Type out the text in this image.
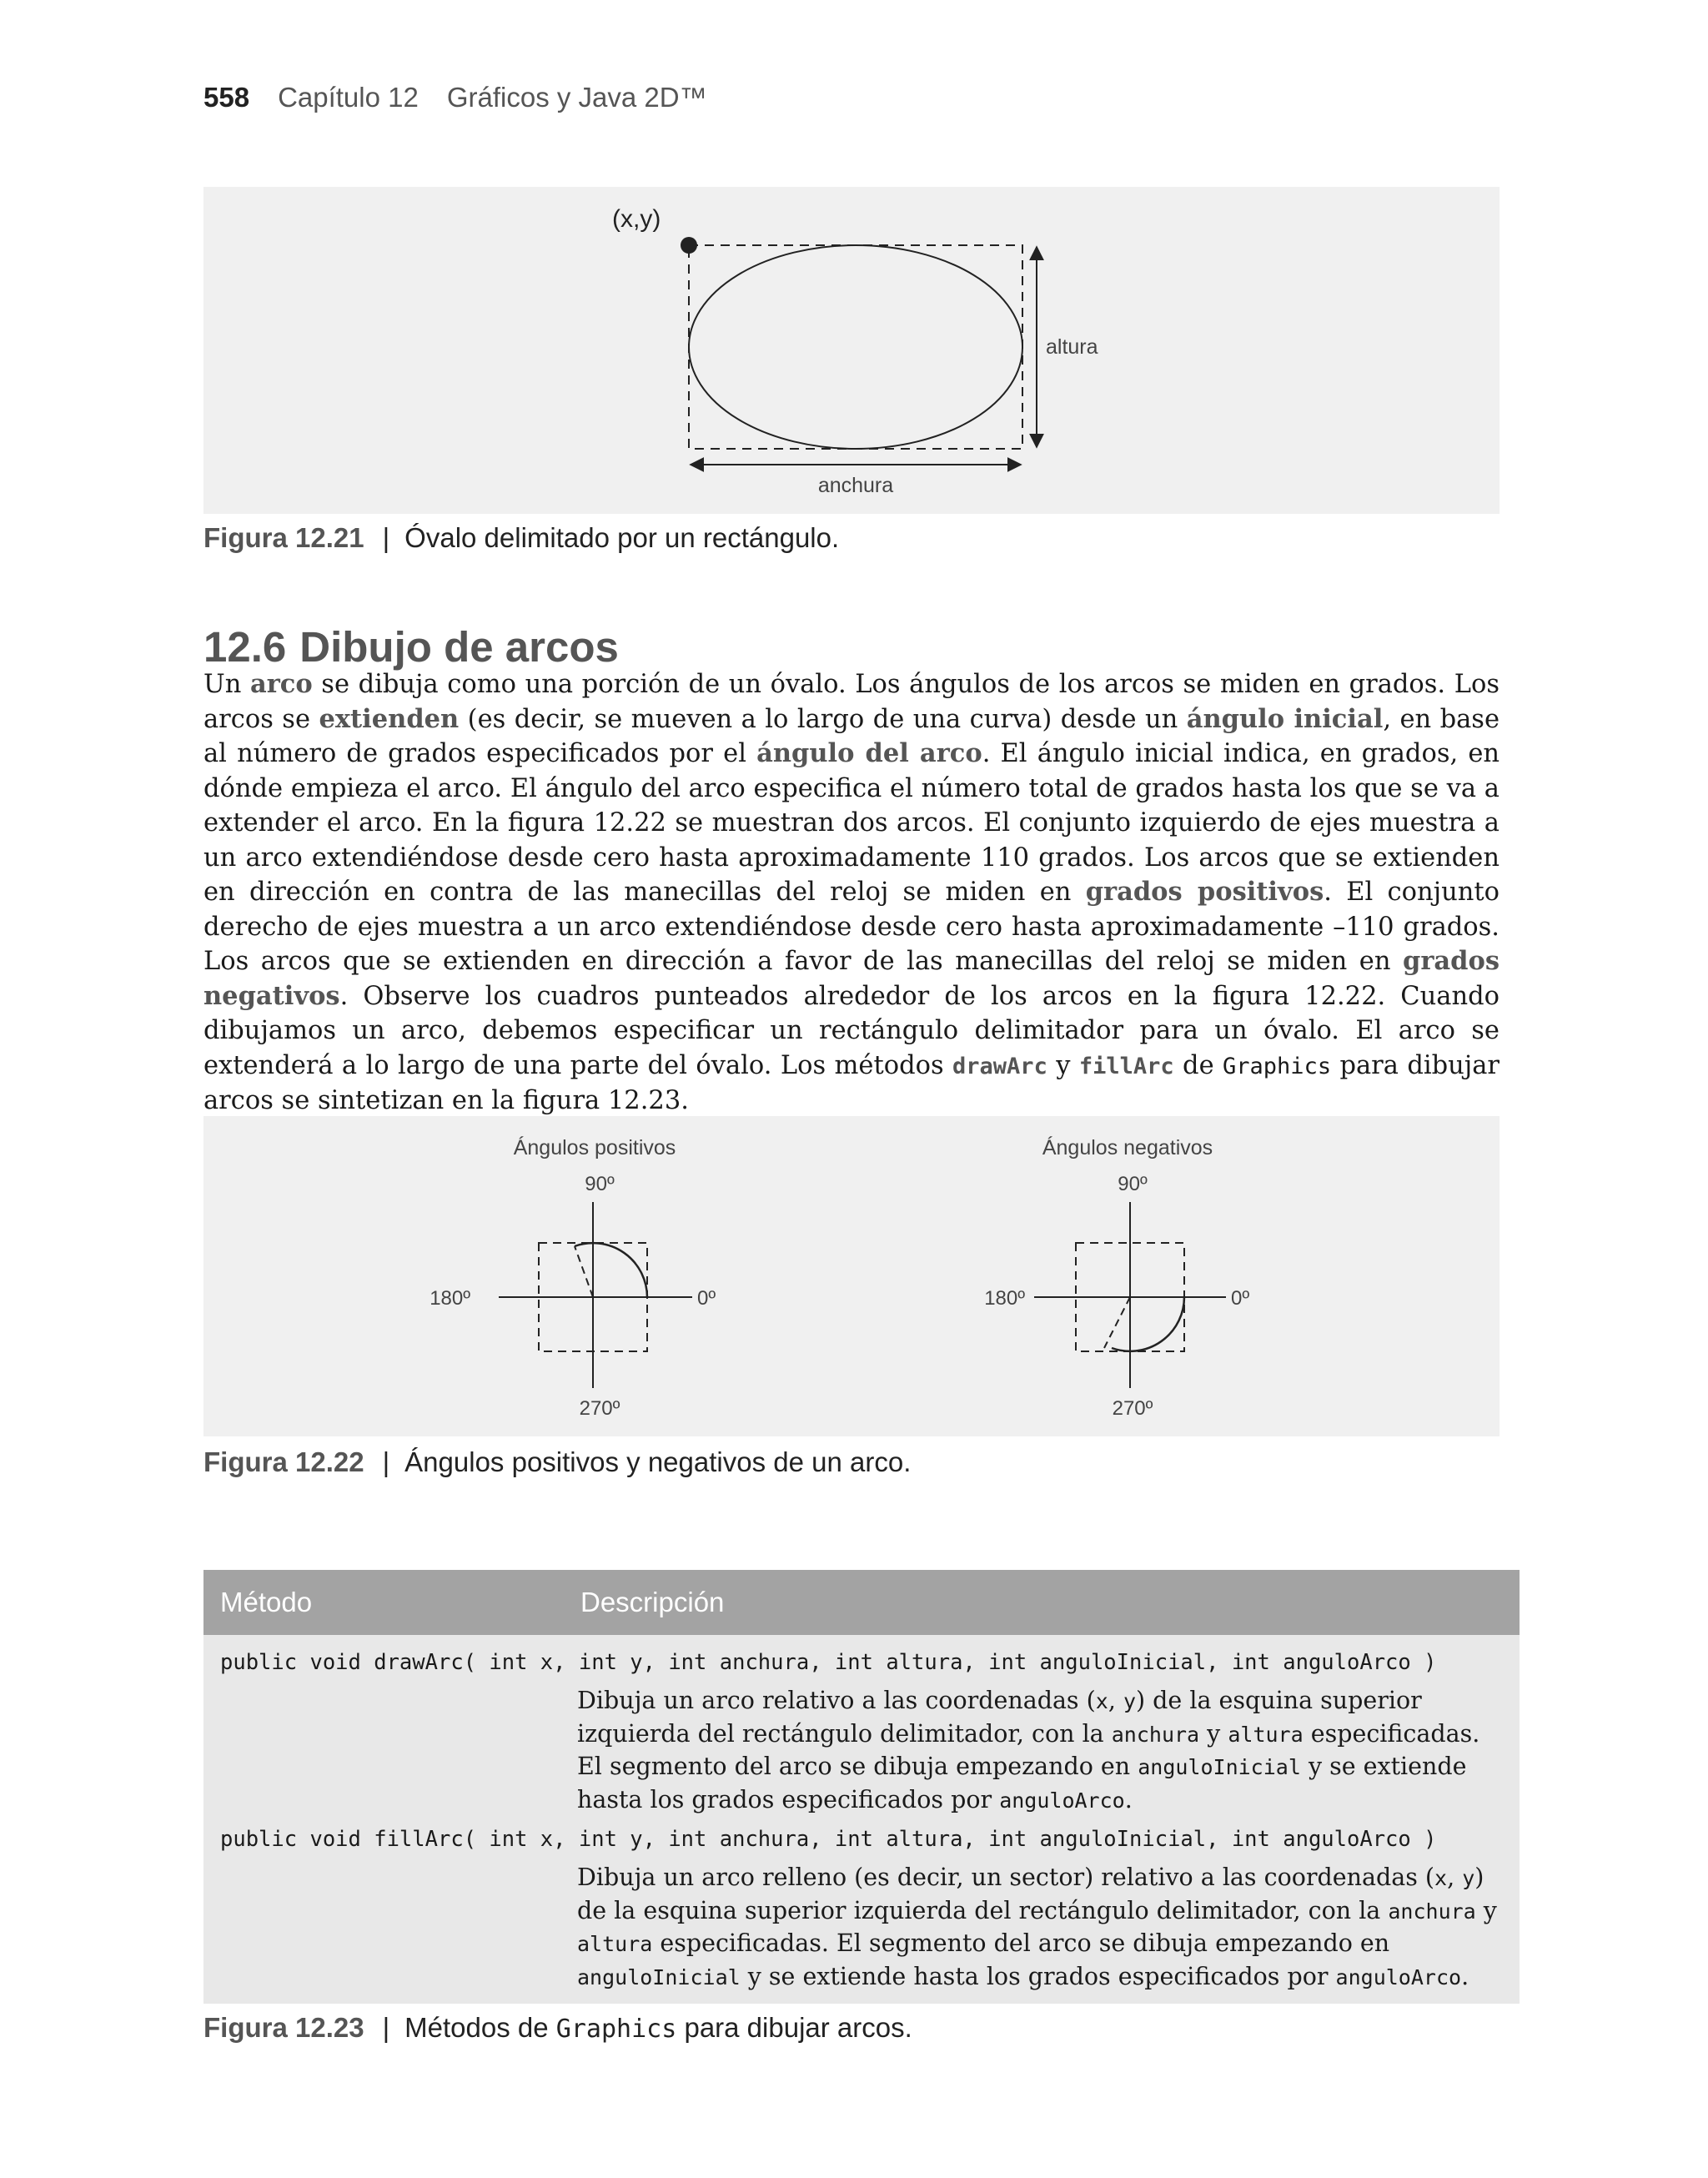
558 Capítulo 12 Gráficos y Java 2D™
(x,y)
altura
anchura
Figura 12.21 | Óvalo delimitado por un rectángulo.
12.6 Dibujo de arcos
Un arco se dibuja como una porción de un óvalo. Los ángulos de los arcos se miden en grados. Los arcos se extienden (es decir, se mueven a lo largo de una curva) desde un ángulo inicial, en base al número de grados especificados por el ángulo del arco. El ángulo inicial indica, en grados, en dónde empieza el arco. El ángulo del arco especifica el número total de grados hasta los que se va a extender el arco. En la figura 12.22 se muestran dos arcos. El conjunto izquierdo de ejes muestra a un arco extendiéndose desde cero hasta aproximadamente 110 grados. Los arcos que se extienden en dirección en contra de las manecillas del reloj se miden en grados positivos. El conjunto derecho de ejes muestra a un arco extendiéndose desde cero hasta aproximadamente –110 grados. Los arcos que se extienden en dirección a favor de las manecillas del reloj se miden en grados negativos. Observe los cuadros punteados alrededor de los arcos en la figura 12.22. Cuando dibujamos un arco, debemos especificar un rectángulo delimitador para un óvalo. El arco se extenderá a lo largo de una parte del óvalo. Los métodos drawArc y fillArc de Graphics para dibujar arcos se sintetizan en la figura 12.23.
Ángulos positivos
90º
180º	0º
270º
Ángulos negativos
90º
180º	0º
270º
Figura 12.22 | Ángulos positivos y negativos de un arco.
Método	Descripción
public void drawArc( int x, int y, int anchura, int altura, int anguloInicial, int anguloArco )
Dibuja un arco relativo a las coordenadas (x, y) de la esquina superior izquierda del rectángulo delimitador, con la anchura y altura especificadas. El segmento del arco se dibuja empezando en anguloInicial y se extiende hasta los grados especificados por anguloArco.
public void fillArc( int x, int y, int anchura, int altura, int anguloInicial, int anguloArco )
Dibuja un arco relleno (es decir, un sector) relativo a las coordenadas (x, y) de la esquina superior izquierda del rectángulo delimitador, con la anchura y altura especificadas. El segmento del arco se dibuja empezando en anguloInicial y se extiende hasta los grados especificados por anguloArco.
Figura 12.23 | Métodos de Graphics para dibujar arcos.
